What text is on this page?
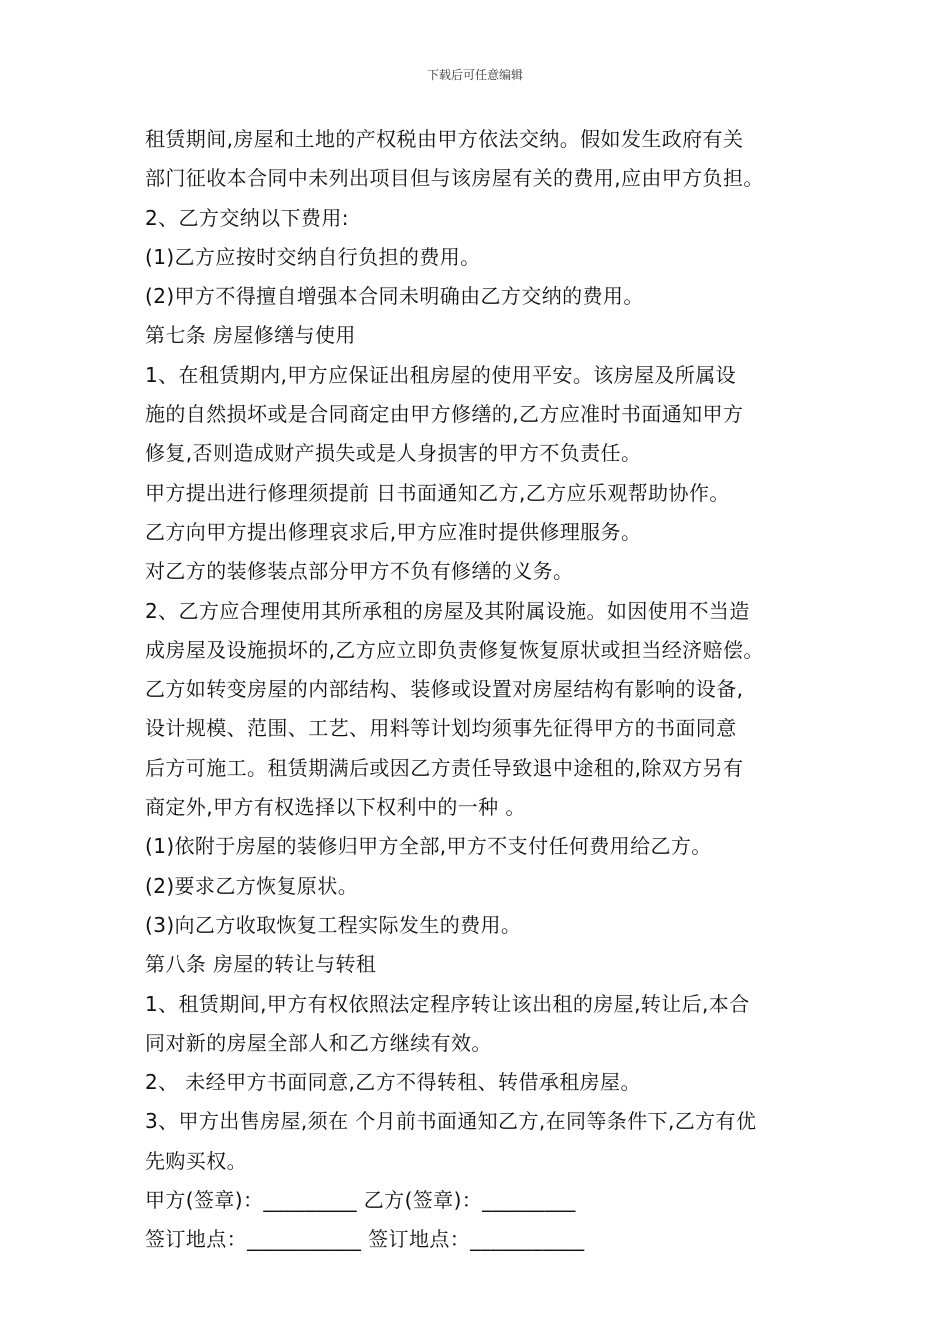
下载后可任意编辑
租赁期间,房屋和土地的产权税由甲方依法交纳。假如发生政府有关
部门征收本合同中未列出项目但与该房屋有关的费用,应由甲方负担。
2、乙方交纳以下费用:
(1)乙方应按时交纳自行负担的费用。
(2)甲方不得擅自增强本合同未明确由乙方交纳的费用。
第七条 房屋修缮与使用
1、在租赁期内,甲方应保证出租房屋的使用平安。该房屋及所属设
施的自然损坏或是合同商定由甲方修缮的,乙方应准时书面通知甲方
修复,否则造成财产损失或是人身损害的甲方不负责任。
甲方提出进行修理须提前 日书面通知乙方,乙方应乐观帮助协作。
乙方向甲方提出修理哀求后,甲方应准时提供修理服务。
对乙方的装修装点部分甲方不负有修缮的义务。
2、乙方应合理使用其所承租的房屋及其附属设施。如因使用不当造
成房屋及设施损坏的,乙方应立即负责修复恢复原状或担当经济赔偿。
乙方如转变房屋的内部结构、装修或设置对房屋结构有影响的设备,
设计规模、范围、工艺、用料等计划均须事先征得甲方的书面同意
后方可施工。租赁期满后或因乙方责任导致退中途租的,除双方另有
商定外,甲方有权选择以下权利中的一种 。
(1)依附于房屋的装修归甲方全部,甲方不支付任何费用给乙方。
(2)要求乙方恢复原状。
(3)向乙方收取恢复工程实际发生的费用。
第八条 房屋的转让与转租
1、租赁期间,甲方有权依照法定程序转让该出租的房屋,转让后,本合
同对新的房屋全部人和乙方继续有效。
2、 未经甲方书面同意,乙方不得转租、转借承租房屋。
3、甲方出售房屋,须在 个月前书面通知乙方,在同等条件下,乙方有优
先购买权。
甲方(签章)：_________ 乙方(签章)：_________
签订地点：___________ 签订地点：___________
